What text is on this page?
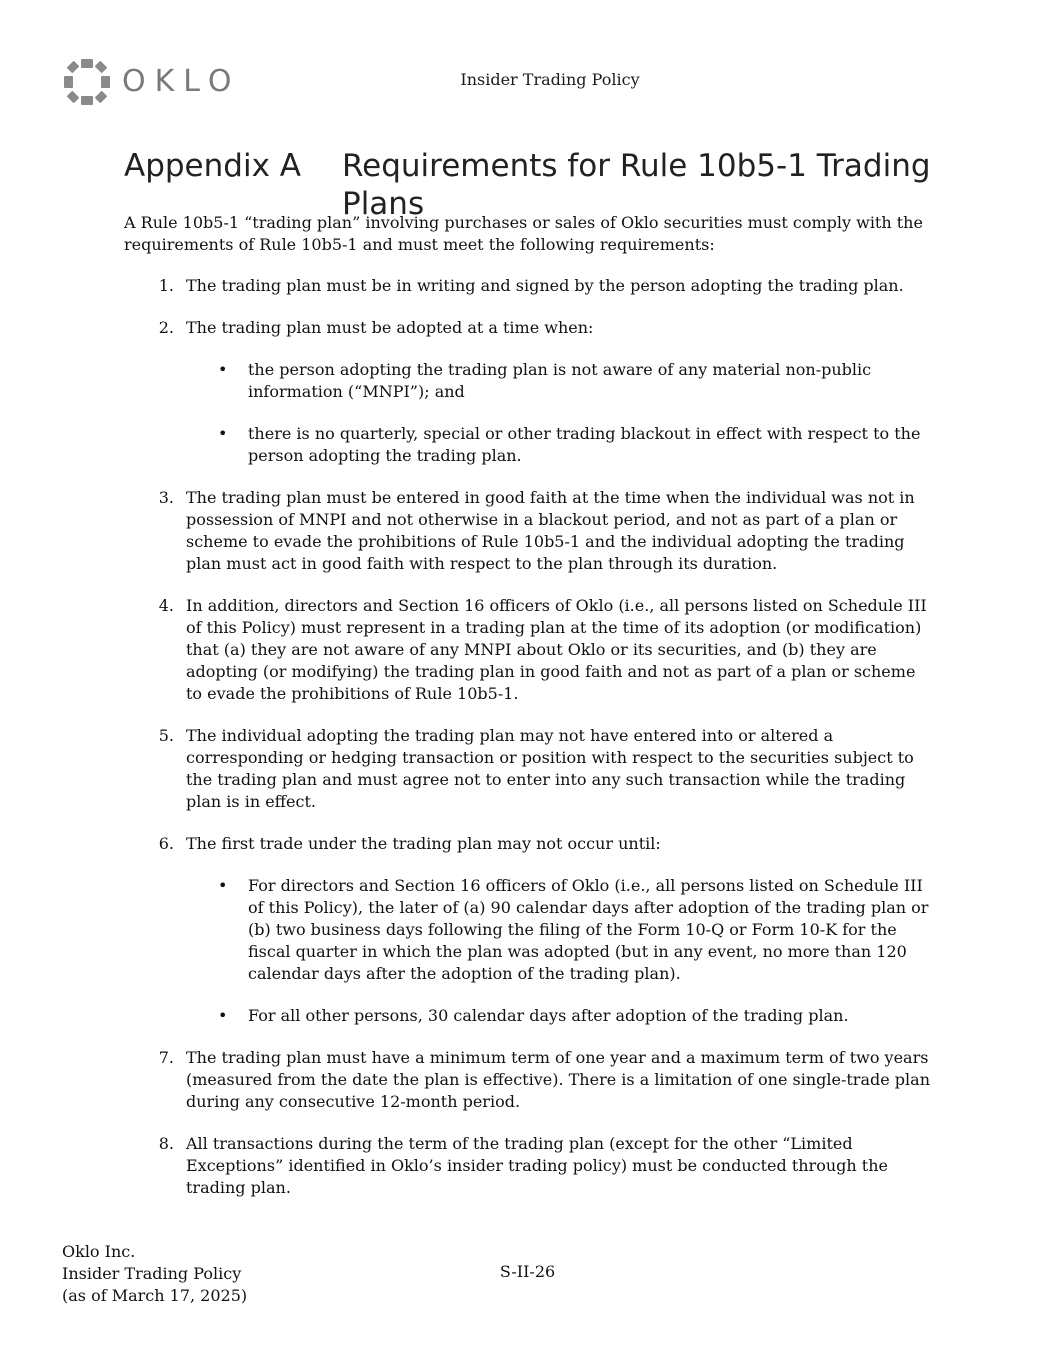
OKLO	Insider Trading Policy
Appendix A	Requirements for Rule 10b5-1 Trading Plans

A Rule 10b5-1 “trading plan” involving purchases or sales of Oklo securities must comply with the requirements of Rule 10b5-1 and must meet the following requirements:

1. The trading plan must be in writing and signed by the person adopting the trading plan.
2. The trading plan must be adopted at a time when:
•	the person adopting the trading plan is not aware of any material non-public information (“MNPI”); and
•	there is no quarterly, special or other trading blackout in effect with respect to the person adopting the trading plan.
3. The trading plan must be entered in good faith at the time when the individual was not in possession of MNPI and not otherwise in a blackout period, and not as part of a plan or scheme to evade the prohibitions of Rule 10b5-1 and the individual adopting the trading plan must act in good faith with respect to the plan through its duration.
4. In addition, directors and Section 16 officers of Oklo (i.e., all persons listed on Schedule III of this Policy) must represent in a trading plan at the time of its adoption (or modification) that (a) they are not aware of any MNPI about Oklo or its securities, and (b) they are adopting (or modifying) the trading plan in good faith and not as part of a plan or scheme to evade the prohibitions of Rule 10b5-1.
5. The individual adopting the trading plan may not have entered into or altered a corresponding or hedging transaction or position with respect to the securities subject to the trading plan and must agree not to enter into any such transaction while the trading plan is in effect.
6. The first trade under the trading plan may not occur until:
•	For directors and Section 16 officers of Oklo (i.e., all persons listed on Schedule III of this Policy), the later of (a) 90 calendar days after adoption of the trading plan or (b) two business days following the filing of the Form 10-Q or Form 10-K for the fiscal quarter in which the plan was adopted (but in any event, no more than 120 calendar days after the adoption of the trading plan).
•	For all other persons, 30 calendar days after adoption of the trading plan.
7. The trading plan must have a minimum term of one year and a maximum term of two years (measured from the date the plan is effective). There is a limitation of one single-trade plan during any consecutive 12-month period.
8. All transactions during the term of the trading plan (except for the other “Limited Exceptions” identified in Oklo’s insider trading policy) must be conducted through the trading plan.
Oklo Inc.
Insider Trading Policy
(as of March 17, 2025)
S-II-26
